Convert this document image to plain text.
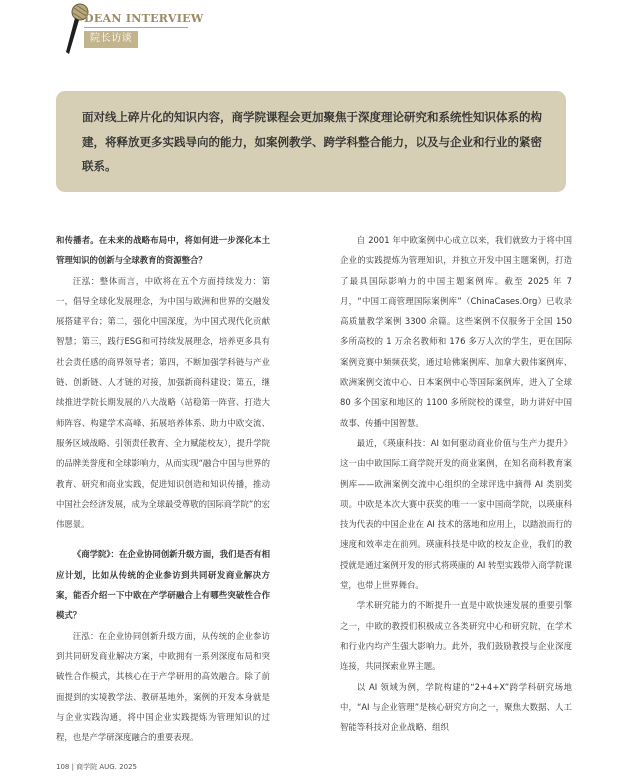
DEAN INTERVIEW
院长访谈
面对线上碎片化的知识内容，商学院课程会更加聚焦于深度理论研究和系统性知识体系的构建，将释放更多实践导向的能力，如案例教学、跨学科整合能力，以及与企业和行业的紧密联系。

和传播者。在未来的战略布局中，将如何进一步深化本土管理知识的创新与全球教育的资源整合？

汪泓：整体而言，中欧将在五个方面持续发力：第一，倡导全球化发展理念，为中国与欧洲和世界的交融发展搭建平台；第二，强化中国深度，为中国式现代化贡献智慧；第三，践行ESG和可持续发展理念，培养更多具有社会责任感的商界领导者；第四，不断加强学科链与产业链、创新链、人才链的对接，加强新商科建设；第五，继续推进学院长期发展的八大战略（站稳第一阵营、打造大师阵容、构建学术高峰、拓展培养体系、助力中欧交流、服务区域战略、引领责任教育、全力赋能校友），提升学院的品牌美誉度和全球影响力，从而实现“融合中国与世界的教育、研究和商业实践，促进知识创造和知识传播，推动中国社会经济发展，成为全球最受尊敬的国际商学院”的宏伟愿景。

《商学院》：在企业协同创新升级方面，我们是否有相应计划，比如从传统的企业参访到共同研发商业解决方案，能否介绍一下中欧在产学研融合上有哪些突破性合作模式？

汪泓：在企业协同创新升级方面，从传统的企业参访到共同研发商业解决方案，中欧拥有一系列深度布局和突破性合作模式，其核心在于产学研用的高效融合。除了前面提到的实境教学法、教研基地外，案例的开发本身就是与企业实践沟通，将中国企业实践提炼为管理知识的过程，也是产学研深度融合的重要表现。

自 2001 年中欧案例中心成立以来，我们就致力于将中国企业的实践提炼为管理知识，并独立开发中国主题案例，打造了最具国际影响力的中国主题案例库。截至 2025 年 7 月，“中国工商管理国际案例库”（ChinaCases.Org）已收录高质量教学案例 3300 余篇。这些案例不仅服务于全国 150 多所高校的 1 万余名教师和 176 多万人次的学生，更在国际案例竞赛中频频获奖，通过哈佛案例库、加拿大毅伟案例库、欧洲案例交流中心、日本案例中心等国际案例库，进入了全球 80 多个国家和地区的 1100 多所院校的课堂，助力讲好中国故事、传播中国智慧。

最近，《瑛康科技：AI 如何驱动商业价值与生产力提升》这一由中欧国际工商学院开发的商业案例，在知名商科教育案例库——欧洲案例交流中心组织的全球评选中摘得 AI 类别奖项。中欧是本次大赛中获奖的唯一一家中国商学院，以瑛康科技为代表的中国企业在 AI 技术的落地和应用上，以踏浪而行的速度和效率走在前列。瑛康科技是中欧的校友企业，我们的教授就是通过案例开发的形式将瑛康的 AI 转型实践带入商学院课堂，也带上世界舞台。

学术研究能力的不断提升一直是中欧快速发展的重要引擎之一，中欧的教授们积极成立各类研究中心和研究院，在学术和行业内均产生强大影响力。此外，我们鼓励教授与企业深度连接，共同探索业界主题。

以 AI 领域为例，学院构建的“2+4+X”跨学科研究场地中，“AI 与企业管理”是核心研究方向之一，聚焦大数据、人工智能等科技对企业战略、组织

108 | 商学院 AUG. 2025
